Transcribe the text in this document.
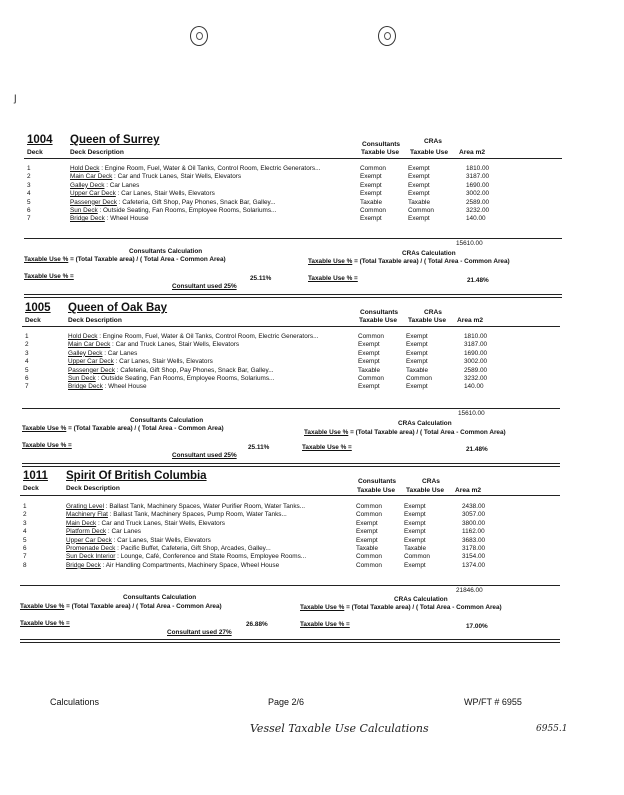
ȷ
1004 Queen of Surrey	Consultants	CRAs
Deck	Deck Description	Taxable Use Taxable Use Area m2
1	Hold Deck : Engine Room, Fuel, Water & Oil Tanks, Control Room, Electric Generators...	Common	Exempt	1810.00
2	Main Car Deck : Car and Truck Lanes, Stair Wells, Elevators	Exempt	Exempt	3187.00
3	Galley Deck : Car Lanes	Exempt	Exempt	1690.00
4	Upper Car Deck : Car Lanes, Stair Wells, Elevators	Exempt	Exempt	3002.00
5	Passenger Deck : Cafeteria, Gift Shop, Pay Phones, Snack Bar, Galley...	Taxable	Taxable	2589.00
6	Sun Deck : Outside Seating, Fan Rooms, Employee Rooms, Solariums...	Common	Common	3232.00
7	Bridge Deck : Wheel House	Exempt	Exempt	140.00
15610.00
Consultants Calculation	CRAs Calculation
Taxable Use % = (Total Taxable area) / ( Total Area - Common Area)	Taxable Use % = (Total Taxable area) / ( Total Area - Common Area)
Taxable Use % =	25.11%
Consultant used 25%
Taxable Use % =	21.48%
1005 Queen of Oak Bay	Consultants	CRAs
Deck	Deck Description	Taxable Use Taxable Use Area m2
1	Hold Deck : Engine Room, Fuel, Water & Oil Tanks, Control Room, Electric Generators...	Common	Exempt	1810.00
2	Main Car Deck : Car and Truck Lanes, Stair Wells, Elevators	Exempt	Exempt	3187.00
3	Galley Deck : Car Lanes	Exempt	Exempt	1690.00
4	Upper Car Deck : Car Lanes, Stair Wells, Elevators	Exempt	Exempt	3002.00
5	Passenger Deck : Cafeteria, Gift Shop, Pay Phones, Snack Bar, Galley...	Taxable	Taxable	2589.00
6	Sun Deck : Outside Seating, Fan Rooms, Employee Rooms, Solariums...	Common	Common	3232.00
7	Bridge Deck : Wheel House	Exempt	Exempt	140.00
15610.00
Consultants Calculation	CRAs Calculation
Taxable Use % = (Total Taxable area) / ( Total Area - Common Area)
Taxable Use % = (Total Taxable area) / ( Total Area - Common Area)
Taxable Use % =	25.11%
Consultant used 25%
Taxable Use % =	21.48%
1011 Spirit Of British Columbia	Consultants	CRAs
Deck	Deck Description	Taxable Use Taxable Use Area m2
1	Grating Level : Ballast Tank, Machinery Spaces, Water Purifier Room, Water Tanks...	Common	Exempt	2438.00
2	Machinery Flat : Ballast Tank, Machinery Spaces, Pump Room, Water Tanks...	Common	Exempt	3057.00
3	Main Deck : Car and Truck Lanes, Stair Wells, Elevators	Exempt	Exempt	3800.00
4	Platform Deck : Car Lanes	Exempt	Exempt	1162.00
5	Upper Car Deck : Car Lanes, Stair Wells, Elevators	Exempt	Exempt	3683.00
6	Promenade Deck : Pacific Buffet, Cafeteria, Gift Shop, Arcades, Galley...	Taxable	Taxable	3178.00
7	Sun Deck Interior : Lounge, Café, Conference and State Rooms, Employee Rooms...	Common	Common	3154.00
8	Bridge Deck : Air Handling Compartments, Machinery Space, Wheel House	Common	Exempt	1374.00
21846.00
Consultants Calculation	CRAs Calculation
Taxable Use % = (Total Taxable area) / ( Total Area - Common Area)	Taxable Use % = (Total Taxable area) / ( Total Area - Common Area)
Taxable Use % =	26.88%
Consultant used 27%
Taxable Use % =	17.00%
Calculations	Page 2/6	WP/FT # 6955
Vessel Taxable Use Calculations	6955.1
